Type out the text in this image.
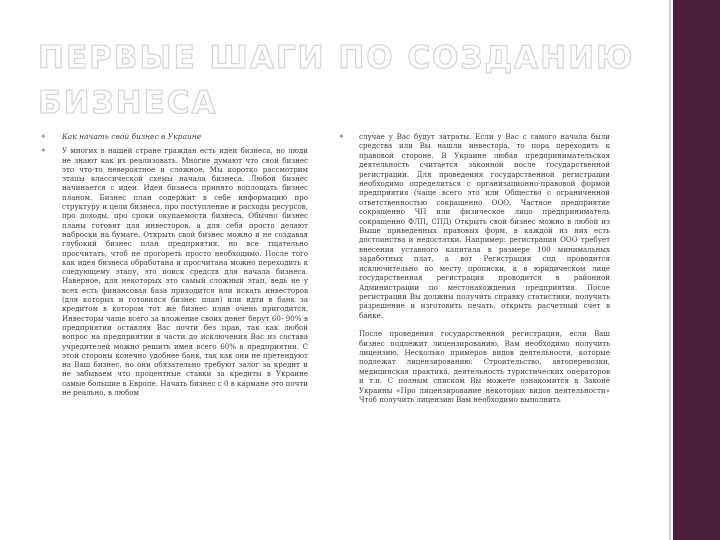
ПЕРВЫЕ ШАГИ ПО СОЗДАНИЮ БИЗНЕСА
✦ Как начать свой бизнес в Украине
✦ У многих в нашей стране граждан есть идеи бизнеса, но люди не знают как их реализовать. Многие думают что свой бизнес это что-то невероятное и сложное. Мы коротко рассмотрим этапы классической схемы начала бизнеса. Любой бизнес начинается с идеи. Идея бизнеса принято воплощать бизнес планом. Бизнес план содержит в себе информацию про структуру и цели бизнеса, про поступление и расходы ресурсов, про доходы, про сроки окупаемости бизнеса. Обычно бизнес планы готовят для инвесторов, а для себя просто делают наброски на бумаге. Открыть свой бизнес можно и не создавая глубокий бизнес план предприятия, но все тщательно просчитать, чтоб не прогореть просто необходимо. После того как идея бизнеса обработана и просчитана можно переходить к следующему этапу, это поиск средств для начала бизнеса. Наверное, для некоторых это самый сложный этап, ведь не у всех есть финансовая база приходится или искать инвесторов (для которых и готовился бизнес план) или идти в банк за кредитом в котором тот же бизнес план очень пригодится. Инвесторы чаще всего за вложение своих денег берут 60- 90% в предприятии оставляя Вас почти без прав, так как любой вопрос на предприятии в части до исключения Вас из состава учредителей можно решить имея всего 60% в предприятии. С этой стороны конечно удобнее банк, так как они не претендуют на Ваш бизнес, но они обязательно требуют залог за кредит и не забываем что процентные ставки за кредиты в Украине самые большие в Европе. Начать бизнес с 0 в кармане это почти не реально, в любом
✦ случае у Вас будут затраты. Если у Вас с самого начала были средства или Вы нашли инвестора, то пора переходить к правовой стороне. В Украине любая предпринимательская деятельность считается законной после государственной регистрации. Для проведения государственной регистрации необходимо определиться с организационно-правовой формой предприятия (чаще всего это или Общество с ограниченной ответственностью сокращенно ООО, Частное предприятие сокращенно ЧП или физическое лицо предприниматель сокращенно ФЛП, СПД) Открыть свой бизнес можно в любой из Выше приведенных правовых форм, в каждой из них есть достоинства и недостатки. Например: регистрация ООО требует внесения уставного капитала в размере 100 минимальных заработных плат, а вот Регистрация спд проводится исключительно по месту прописки, а в юридическом лице государственная регистрация проводится в районной Администрации по местонахождения предприятия. После регистрации Вы должны получить справку статистики, получить разрешение и изготовить печать, открыть расчетный счет в банке.

После проведения государственной регистрации, если Ваш бизнес подлежит лицензированию, Вам необходимо получить лицензию. Несколько примеров видов деятельности, которые подлежат лицензированию: Строительство, автоперевозки, медицинская практика, деятельность туристических операторов и т.п. С полным списком Вы можете ознакомится в Законе Украины «Про лицензирование некоторых видов деятельности» Чтоб получить лицензию Вам необходимо выполнить
